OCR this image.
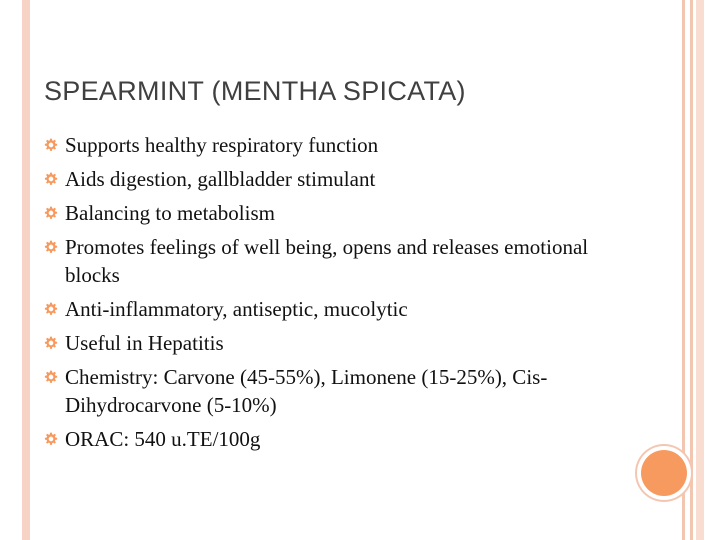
SPEARMINT (MENTHA SPICATA)
Supports healthy respiratory function
Aids digestion, gallbladder stimulant
Balancing to metabolism
Promotes feelings of well being, opens and releases emotional blocks
Anti-inflammatory, antiseptic, mucolytic
Useful in Hepatitis
Chemistry: Carvone (45-55%), Limonene (15-25%), Cis-Dihydrocarvone (5-10%)
ORAC: 540 u.TE/100g
